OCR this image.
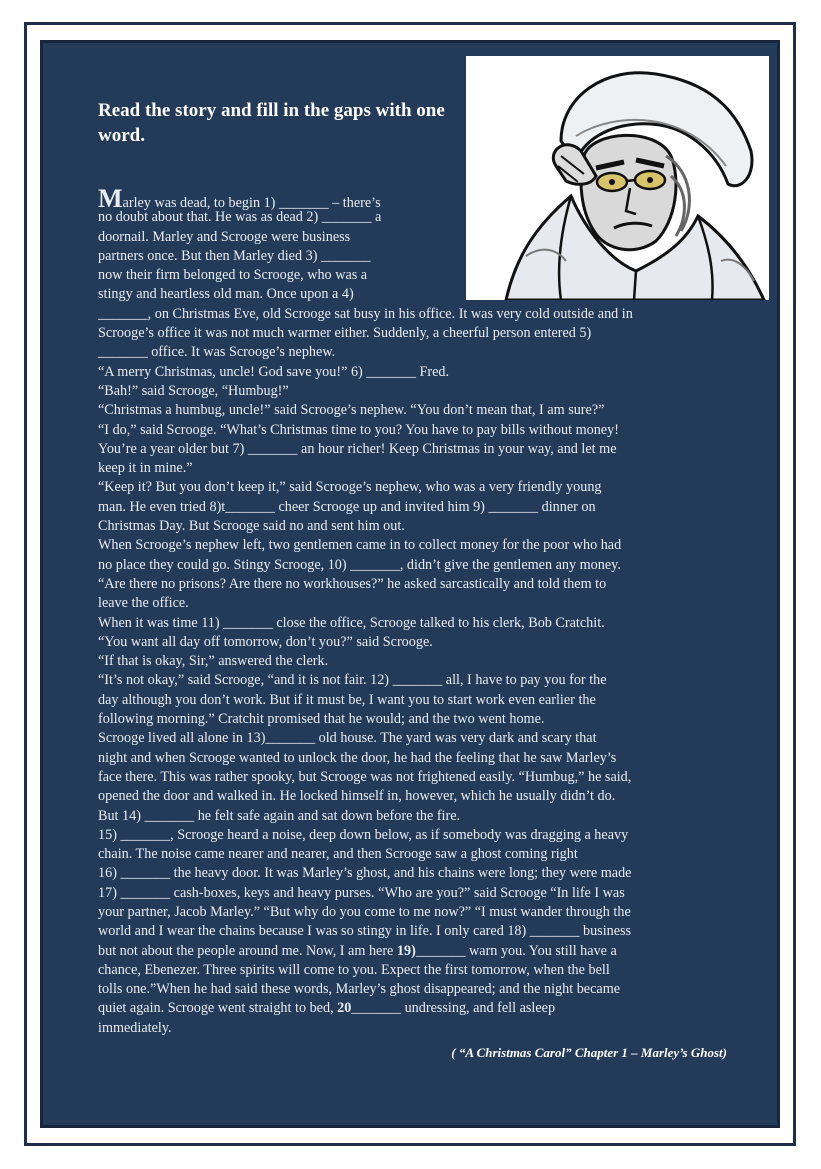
Read the story and fill in the gaps with one word.
Marley was dead, to begin 1) _______ – there’s
no doubt about that. He was as dead 2) _______ a
doornail. Marley and Scrooge were business
partners once. But then Marley died 3) _______
now their firm belonged to Scrooge, who was a
stingy and heartless old man. Once upon a 4)
_______, on Christmas Eve, old Scrooge sat busy in his office. It was very cold outside and in
Scrooge’s office it was not much warmer either. Suddenly, a cheerful person entered 5)
_______ office. It was Scrooge’s nephew.
“A merry Christmas, uncle! God save you!” 6) _______ Fred.
“Bah!” said Scrooge, “Humbug!”
“Christmas a humbug, uncle!” said Scrooge’s nephew. “You don’t mean that, I am sure?”
“I do,” said Scrooge. “What’s Christmas time to you? You have to pay bills without money!
You’re a year older but 7) _______ an hour richer! Keep Christmas in your way, and let me
keep it in mine.”
“Keep it? But you don’t keep it,” said Scrooge’s nephew, who was a very friendly young
man. He even tried 8)t_______ cheer Scrooge up and invited him 9) _______ dinner on
Christmas Day. But Scrooge said no and sent him out.
When Scrooge’s nephew left, two gentlemen came in to collect money for the poor who had
no place they could go. Stingy Scrooge, 10) _______, didn’t give the gentlemen any money.
“Are there no prisons? Are there no workhouses?” he asked sarcastically and told them to
leave the office.
When it was time 11) _______ close the office, Scrooge talked to his clerk, Bob Cratchit.
“You want all day off tomorrow, don’t you?” said Scrooge.
“If that is okay, Sir,” answered the clerk.
“It’s not okay,” said Scrooge, “and it is not fair. 12) _______ all, I have to pay you for the
day although you don’t work. But if it must be, I want you to start work even earlier the
following morning.” Cratchit promised that he would; and the two went home.
Scrooge lived all alone in 13)_______ old house. The yard was very dark and scary that
night and when Scrooge wanted to unlock the door, he had the feeling that he saw Marley’s
face there. This was rather spooky, but Scrooge was not frightened easily. “Humbug,” he said,
opened the door and walked in. He locked himself in, however, which he usually didn’t do.
But 14) _______ he felt safe again and sat down before the fire.
15) _______, Scrooge heard a noise, deep down below, as if somebody was dragging a heavy
chain. The noise came nearer and nearer, and then Scrooge saw a ghost coming right
16) _______ the heavy door. It was Marley’s ghost, and his chains were long; they were made
17) _______ cash-boxes, keys and heavy purses. “Who are you?” said Scrooge “In life I was
your partner, Jacob Marley.” “But why do you come to me now?” “I must wander through the
world and I wear the chains because I was so stingy in life. I only cared 18) _______ business
but not about the people around me. Now, I am here 19)_______ warn you. You still have a
chance, Ebenezer. Three spirits will come to you. Expect the first tomorrow, when the bell
tolls one.”When he had said these words, Marley’s ghost disappeared; and the night became
quiet again. Scrooge went straight to bed, 20_______ undressing, and fell asleep
immediately.
( “A Christmas Carol” Chapter 1 – Marley’s Ghost)
